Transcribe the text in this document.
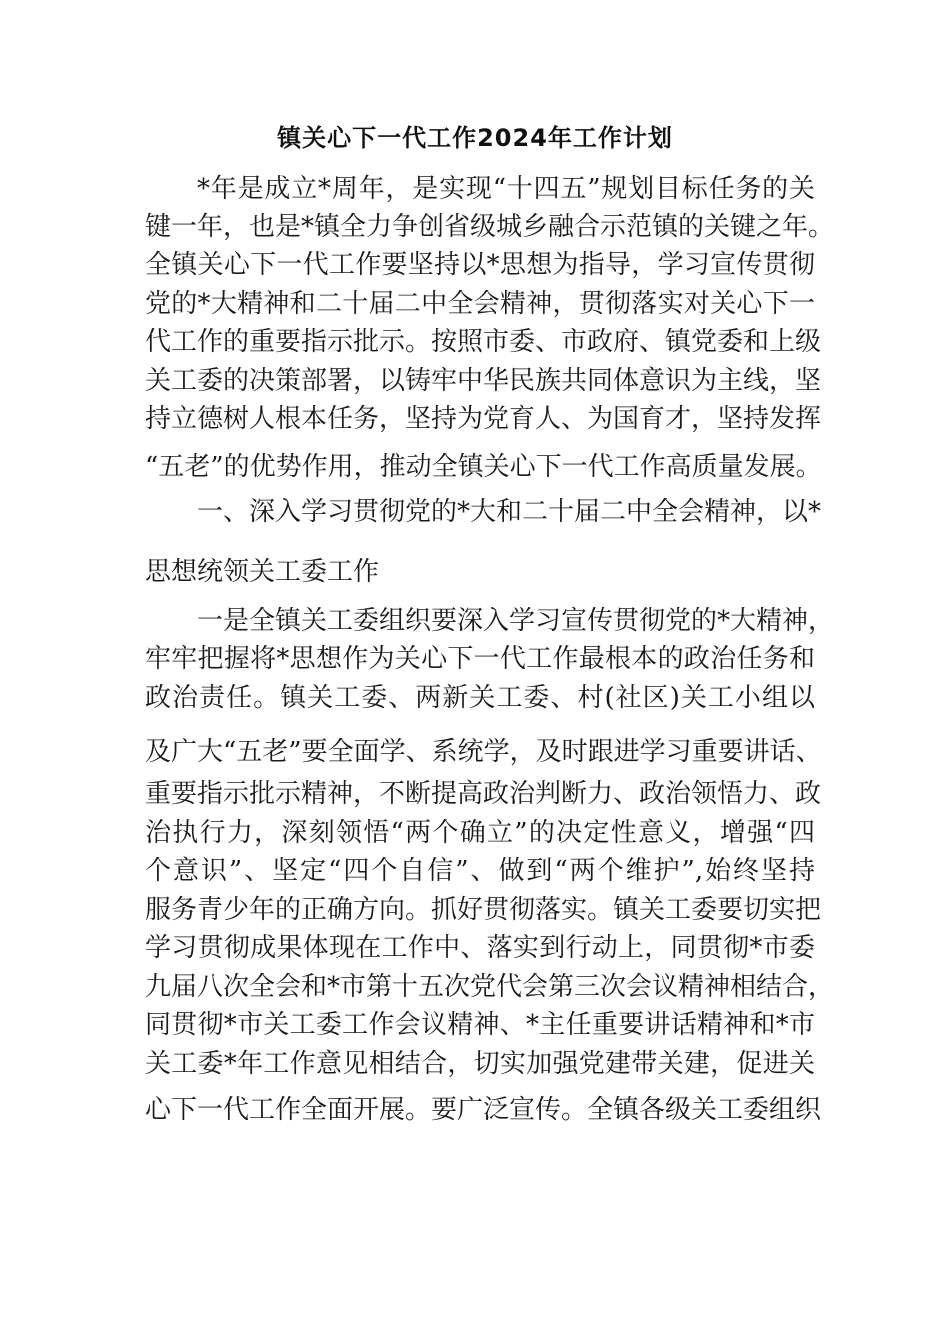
镇关心下一代工作2024年工作计划
*年是成立*周年，是实现“十四五”规划目标任务的关
键一年，也是*镇全力争创省级城乡融合示范镇的关键之年。
全镇关心下一代工作要坚持以*思想为指导，学习宣传贯彻
党的*大精神和二十届二中全会精神，贯彻落实对关心下一
代工作的重要指示批示。按照市委、市政府、镇党委和上级
关工委的决策部署，以铸牢中华民族共同体意识为主线，坚
持立德树人根本任务，坚持为党育人、为国育才，坚持发挥
“五老”的优势作用，推动全镇关心下一代工作高质量发展。
一、深入学习贯彻党的*大和二十届二中全会精神，以*
思想统领关工委工作
一是全镇关工委组织要深入学习宣传贯彻党的*大精神，
牢牢把握将*思想作为关心下一代工作最根本的政治任务和
政治责任。镇关工委、两新关工委、村(社区)关工小组以
及广大“五老”要全面学、系统学，及时跟进学习重要讲话、
重要指示批示精神，不断提高政治判断力、政治领悟力、政
治执行力，深刻领悟“两个确立”的决定性意义，增强“四
个意识”、坚定“四个自信”、做到“两个维护”,始终坚持
服务青少年的正确方向。抓好贯彻落实。镇关工委要切实把
学习贯彻成果体现在工作中、落实到行动上，同贯彻*市委
九届八次全会和*市第十五次党代会第三次会议精神相结合，
同贯彻*市关工委工作会议精神、*主任重要讲话精神和*市
关工委*年工作意见相结合，切实加强党建带关建，促进关
心下一代工作全面开展。要广泛宣传。全镇各级关工委组织
